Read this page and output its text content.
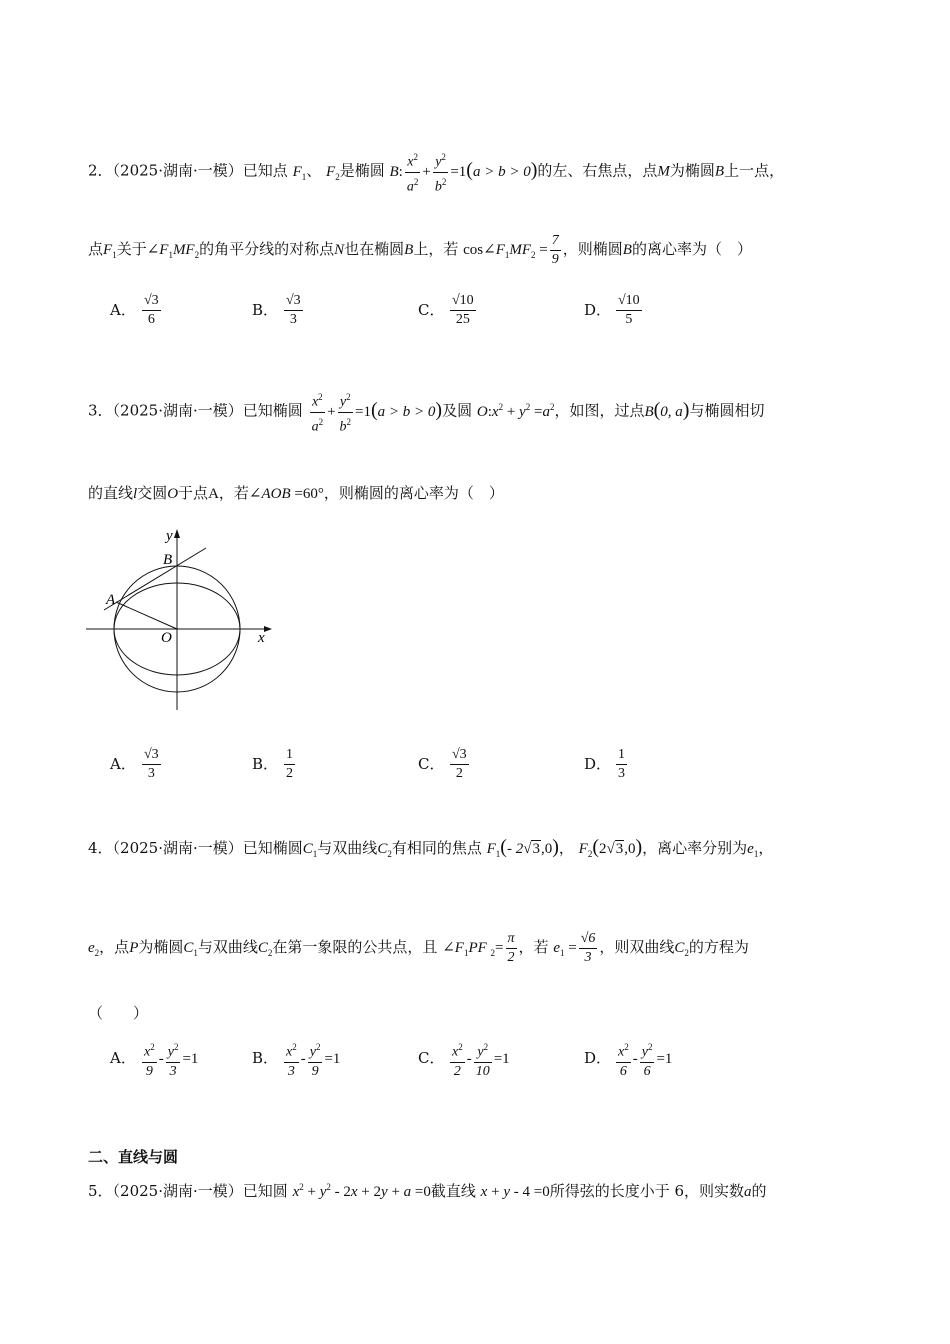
2．（2025·湖南·一模）已知点 $F_1$、 $F_2$是椭圆 B: $\frac{x^2}{a^2} + \frac{y^2}{b^2} =1(a > b > 0)$的左、右焦点，点M为椭圆B上一点，
点$F_1$关于$\angle F_1MF_2$的角平分线的对称点N也在椭圆B上，若 $\cos\angle F_1MF_2 = \frac{7}{9}$ ，则椭圆B的离心率为（　）
A． $\frac{√3}{6}$	B． $\frac{√3}{3}$	C． $\frac{√10}{25}$	D． $\frac{√10}{5}$
3．（2025·湖南·一模）已知椭圆 $\frac{x^2}{a^2} + \frac{y^2}{b^2} =1(a > b > 0)$及圆 $O:x^2 + y^2 =a^2$，如图，过点B(0, a)与椭圆相切
的直线l交圆O于点A，若∠AOB =60°，则椭圆的离心率为（　）
y
B
A
O	x
A． $\frac{√3}{3}$	B． $\frac{1}{2}$	C． $\frac{√3}{2}$	D． $\frac{1}{3}$
4．（2025·湖南·一模）已知椭圆$C_1$与双曲线$C_2$有相同的焦点 $F_1(-$ 2√3,0)， $F_2(2√3,0)$，离心率分别为$e_1$，
$e_2$，点P为椭圆$C_1$与双曲线$C_2$在第一象限的公共点，且 $\angle F_1PF$ $_2= \frac{\pi}{2}$ ，若 $e_1 = \frac{√6}{3}$ ，则双曲线$C_2$的方程为
（　　）
A． $\frac{x^2}{9} - \frac{y^2}{3} =1$	B． $\frac{x^2}{3} - \frac{y^2}{9} =1$	C． $\frac{x^2}{2} - \frac{y^2}{10} =1$	D． $\frac{x^2}{6} - \frac{y^2}{6} =1$
二、直线与圆
5．（2025·湖南·一模）已知圆 $x^2 + y^2 - 2x + 2y + a =0$截直线 x + y - 4 =0所得弦的长度小于 6，则实数a的
